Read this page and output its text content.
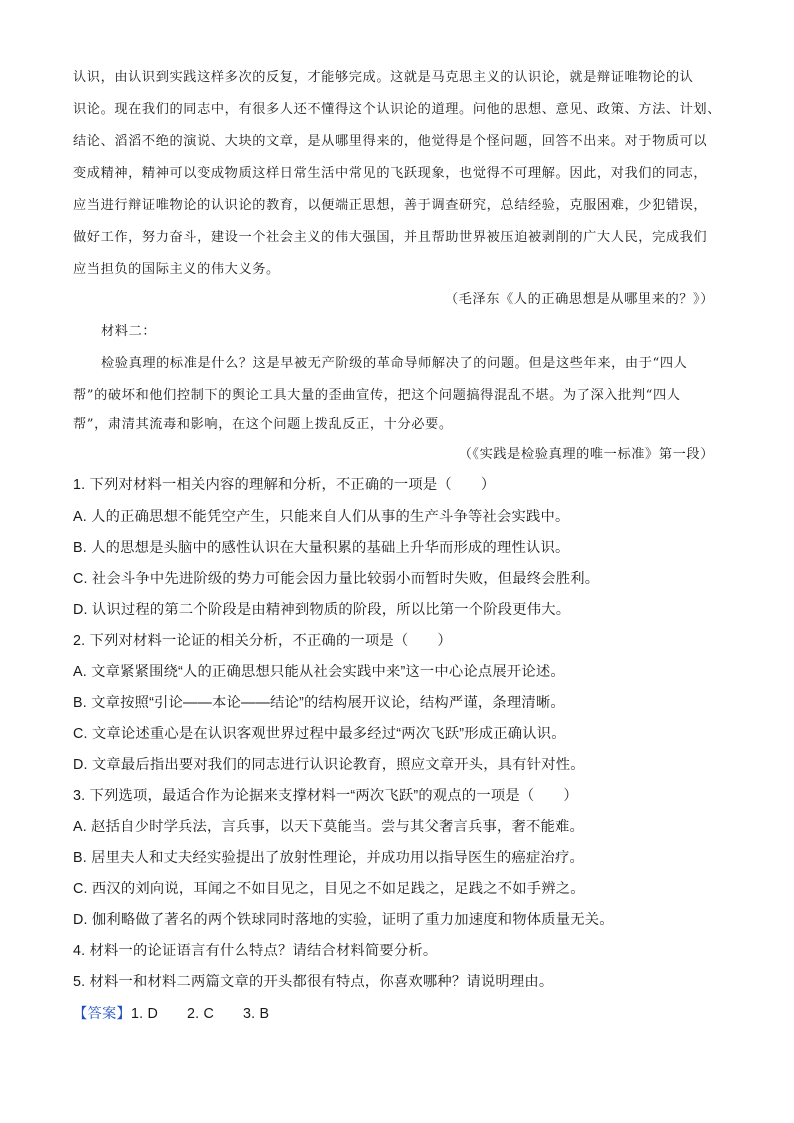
认识，由认识到实践这样多次的反复，才能够完成。这就是马克思主义的认识论，就是辩证唯物论的认
识论。现在我们的同志中，有很多人还不懂得这个认识论的道理。问他的思想、意见、政策、方法、计划、
结论、滔滔不绝的演说、大块的文章，是从哪里得来的，他觉得是个怪问题，回答不出来。对于物质可以
变成精神，精神可以变成物质这样日常生活中常见的飞跃现象，也觉得不可理解。因此，对我们的同志，
应当进行辩证唯物论的认识论的教育，以便端正思想，善于调查研究，总结经验，克服困难，少犯错误，
做好工作，努力奋斗，建设一个社会主义的伟大强国，并且帮助世界被压迫被剥削的广大人民，完成我们
应当担负的国际主义的伟大义务。
（毛泽东《人的正确思想是从哪里来的？》）
材料二：
检验真理的标准是什么？这是早被无产阶级的革命导师解决了的问题。但是这些年来，由于“四人
帮”的破坏和他们控制下的舆论工具大量的歪曲宣传，把这个问题搞得混乱不堪。为了深入批判“四人
帮”，肃清其流毒和影响，在这个问题上拨乱反正，十分必要。
（《实践是检验真理的唯一标准》第一段）
1. 下列对材料一相关内容的理解和分析，不正确的一项是（　　）
A. 人的正确思想不能凭空产生，只能来自人们从事的生产斗争等社会实践中。
B. 人的思想是头脑中的感性认识在大量积累的基础上升华而形成的理性认识。
C. 社会斗争中先进阶级的势力可能会因力量比较弱小而暂时失败，但最终会胜利。
D. 认识过程的第二个阶段是由精神到物质的阶段，所以比第一个阶段更伟大。
2. 下列对材料一论证的相关分析，不正确的一项是（　　）
A. 文章紧紧围绕“人的正确思想只能从社会实践中来”这一中心论点展开论述。
B. 文章按照“引论——本论——结论”的结构展开议论，结构严谨，条理清晰。
C. 文章论述重心是在认识客观世界过程中最多经过“两次飞跃”形成正确认识。
D. 文章最后指出要对我们的同志进行认识论教育，照应文章开头，具有针对性。
3. 下列选项，最适合作为论据来支撑材料一“两次飞跃”的观点的一项是（　　）
A. 赵括自少时学兵法，言兵事，以天下莫能当。尝与其父奢言兵事，奢不能难。
B. 居里夫人和丈夫经实验提出了放射性理论，并成功用以指导医生的癌症治疗。
C. 西汉的刘向说，耳闻之不如目见之，目见之不如足践之，足践之不如手辨之。
D. 伽利略做了著名的两个铁球同时落地的实验，证明了重力加速度和物体质量无关。
4. 材料一的论证语言有什么特点？请结合材料简要分析。
5. 材料一和材料二两篇文章的开头都很有特点，你喜欢哪种？请说明理由。
【答案】1. D　　2. C　　3. B
